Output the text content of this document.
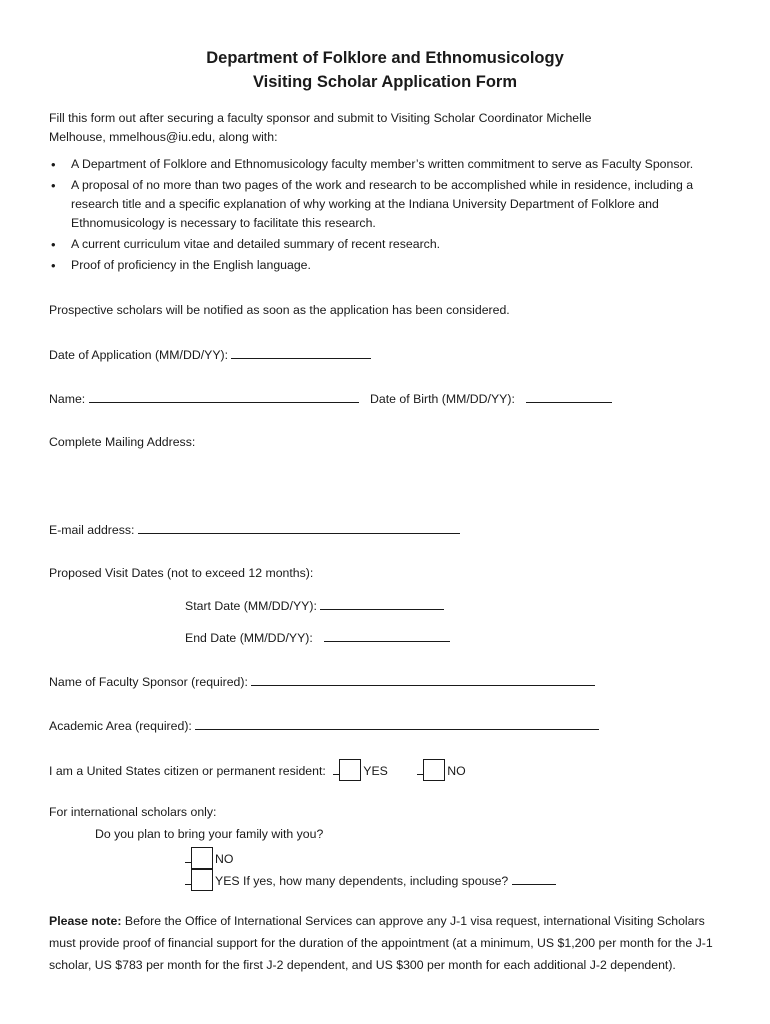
Department of Folklore and Ethnomusicology
Visiting Scholar Application Form
Fill this form out after securing a faculty sponsor and submit to Visiting Scholar Coordinator Michelle Melhouse, mmelhous@iu.edu, along with:
• A Department of Folklore and Ethnomusicology faculty member’s written commitment to serve as Faculty Sponsor.
• A proposal of no more than two pages of the work and research to be accomplished while in residence, including a research title and a specific explanation of why working at the Indiana University Department of Folklore and Ethnomusicology is necessary to facilitate this research.
• A current curriculum vitae and detailed summary of recent research.
• Proof of proficiency in the English language.
Prospective scholars will be notified as soon as the application has been considered.
Date of Application (MM/DD/YY):
Name:	Date of Birth (MM/DD/YY):
Complete Mailing Address:
E-mail address:
Proposed Visit Dates (not to exceed 12 months):
Start Date (MM/DD/YY):
End Date (MM/DD/YY):
Name of Faculty Sponsor (required):
Academic Area (required):
I am a United States citizen or permanent resident:	YES	NO
For international scholars only:
Do you plan to bring your family with you?
NO
YES If yes, how many dependents, including spouse?
Please note: Before the Office of International Services can approve any J-1 visa request, international Visiting Scholars must provide proof of financial support for the duration of the appointment (at a minimum, US $1,200 per month for the J-1 scholar, US $783 per month for the first J-2 dependent, and US $300 per month for each additional J-2 dependent).
